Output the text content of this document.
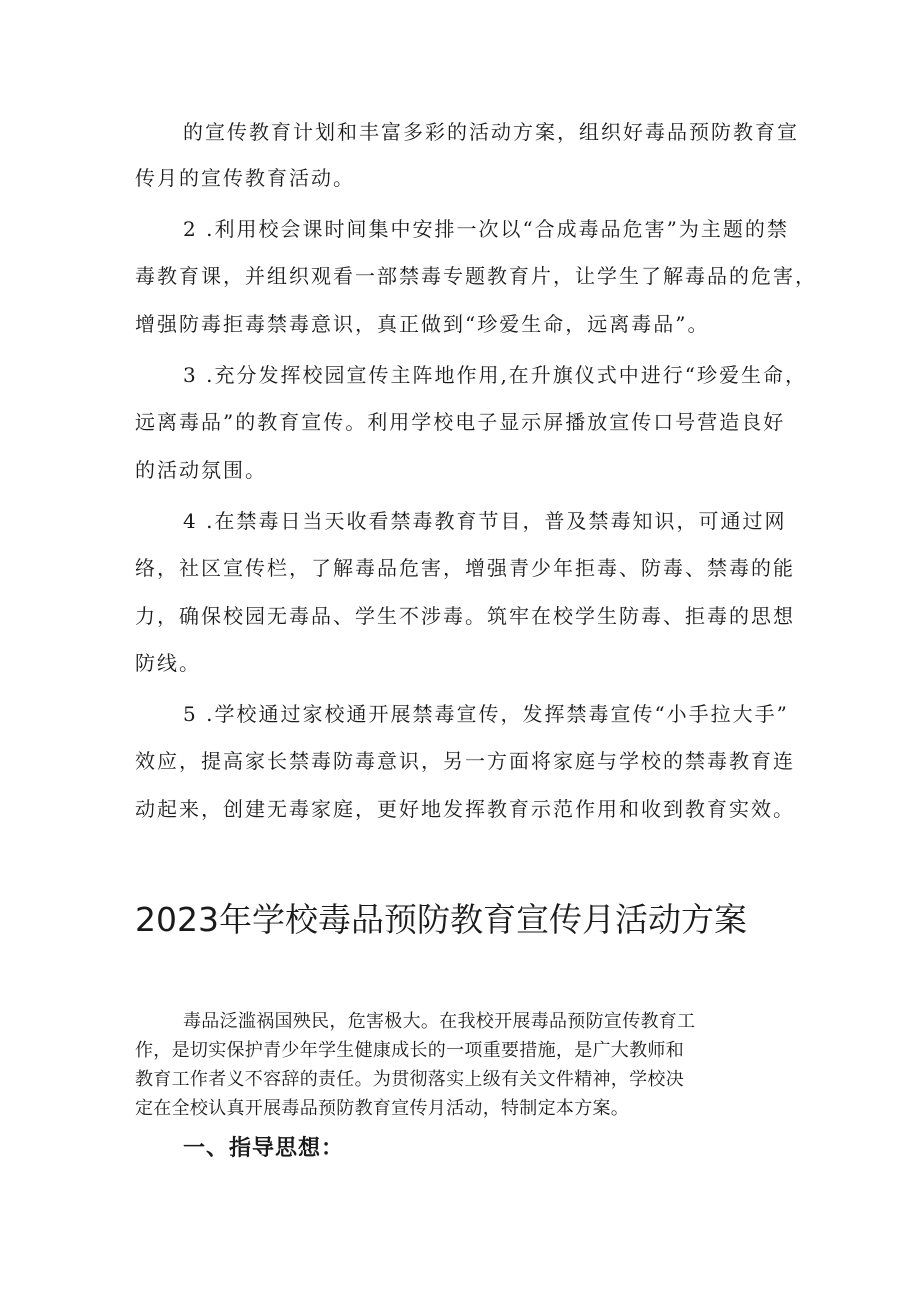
的宣传教育计划和丰富多彩的活动方案，组织好毒品预防教育宣
传月的宣传教育活动。
2 .利用校会课时间集中安排一次以“合成毒品危害”为主题的禁
毒教育课，并组织观看一部禁毒专题教育片，让学生了解毒品的危害，
增强防毒拒毒禁毒意识，真正做到“珍爱生命，远离毒品”。
3 .充分发挥校园宣传主阵地作用,在升旗仪式中进行“珍爱生命，
远离毒品”的教育宣传。利用学校电子显示屏播放宣传口号营造良好
的活动氛围。
4 .在禁毒日当天收看禁毒教育节目，普及禁毒知识，可通过网
络，社区宣传栏，了解毒品危害，增强青少年拒毒、防毒、禁毒的能
力，确保校园无毒品、学生不涉毒。筑牢在校学生防毒、拒毒的思想
防线。
5 .学校通过家校通开展禁毒宣传，发挥禁毒宣传“小手拉大手”
效应，提高家长禁毒防毒意识，另一方面将家庭与学校的禁毒教育连
动起来，创建无毒家庭，更好地发挥教育示范作用和收到教育实效。
2023年学校毒品预防教育宣传月活动方案
毒品泛滥祸国殃民，危害极大。在我校开展毒品预防宣传教育工
作，是切实保护青少年学生健康成长的一项重要措施，是广大教师和
教育工作者义不容辞的责任。为贯彻落实上级有关文件精神，学校决
定在全校认真开展毒品预防教育宣传月活动，特制定本方案。
一、指导思想：
